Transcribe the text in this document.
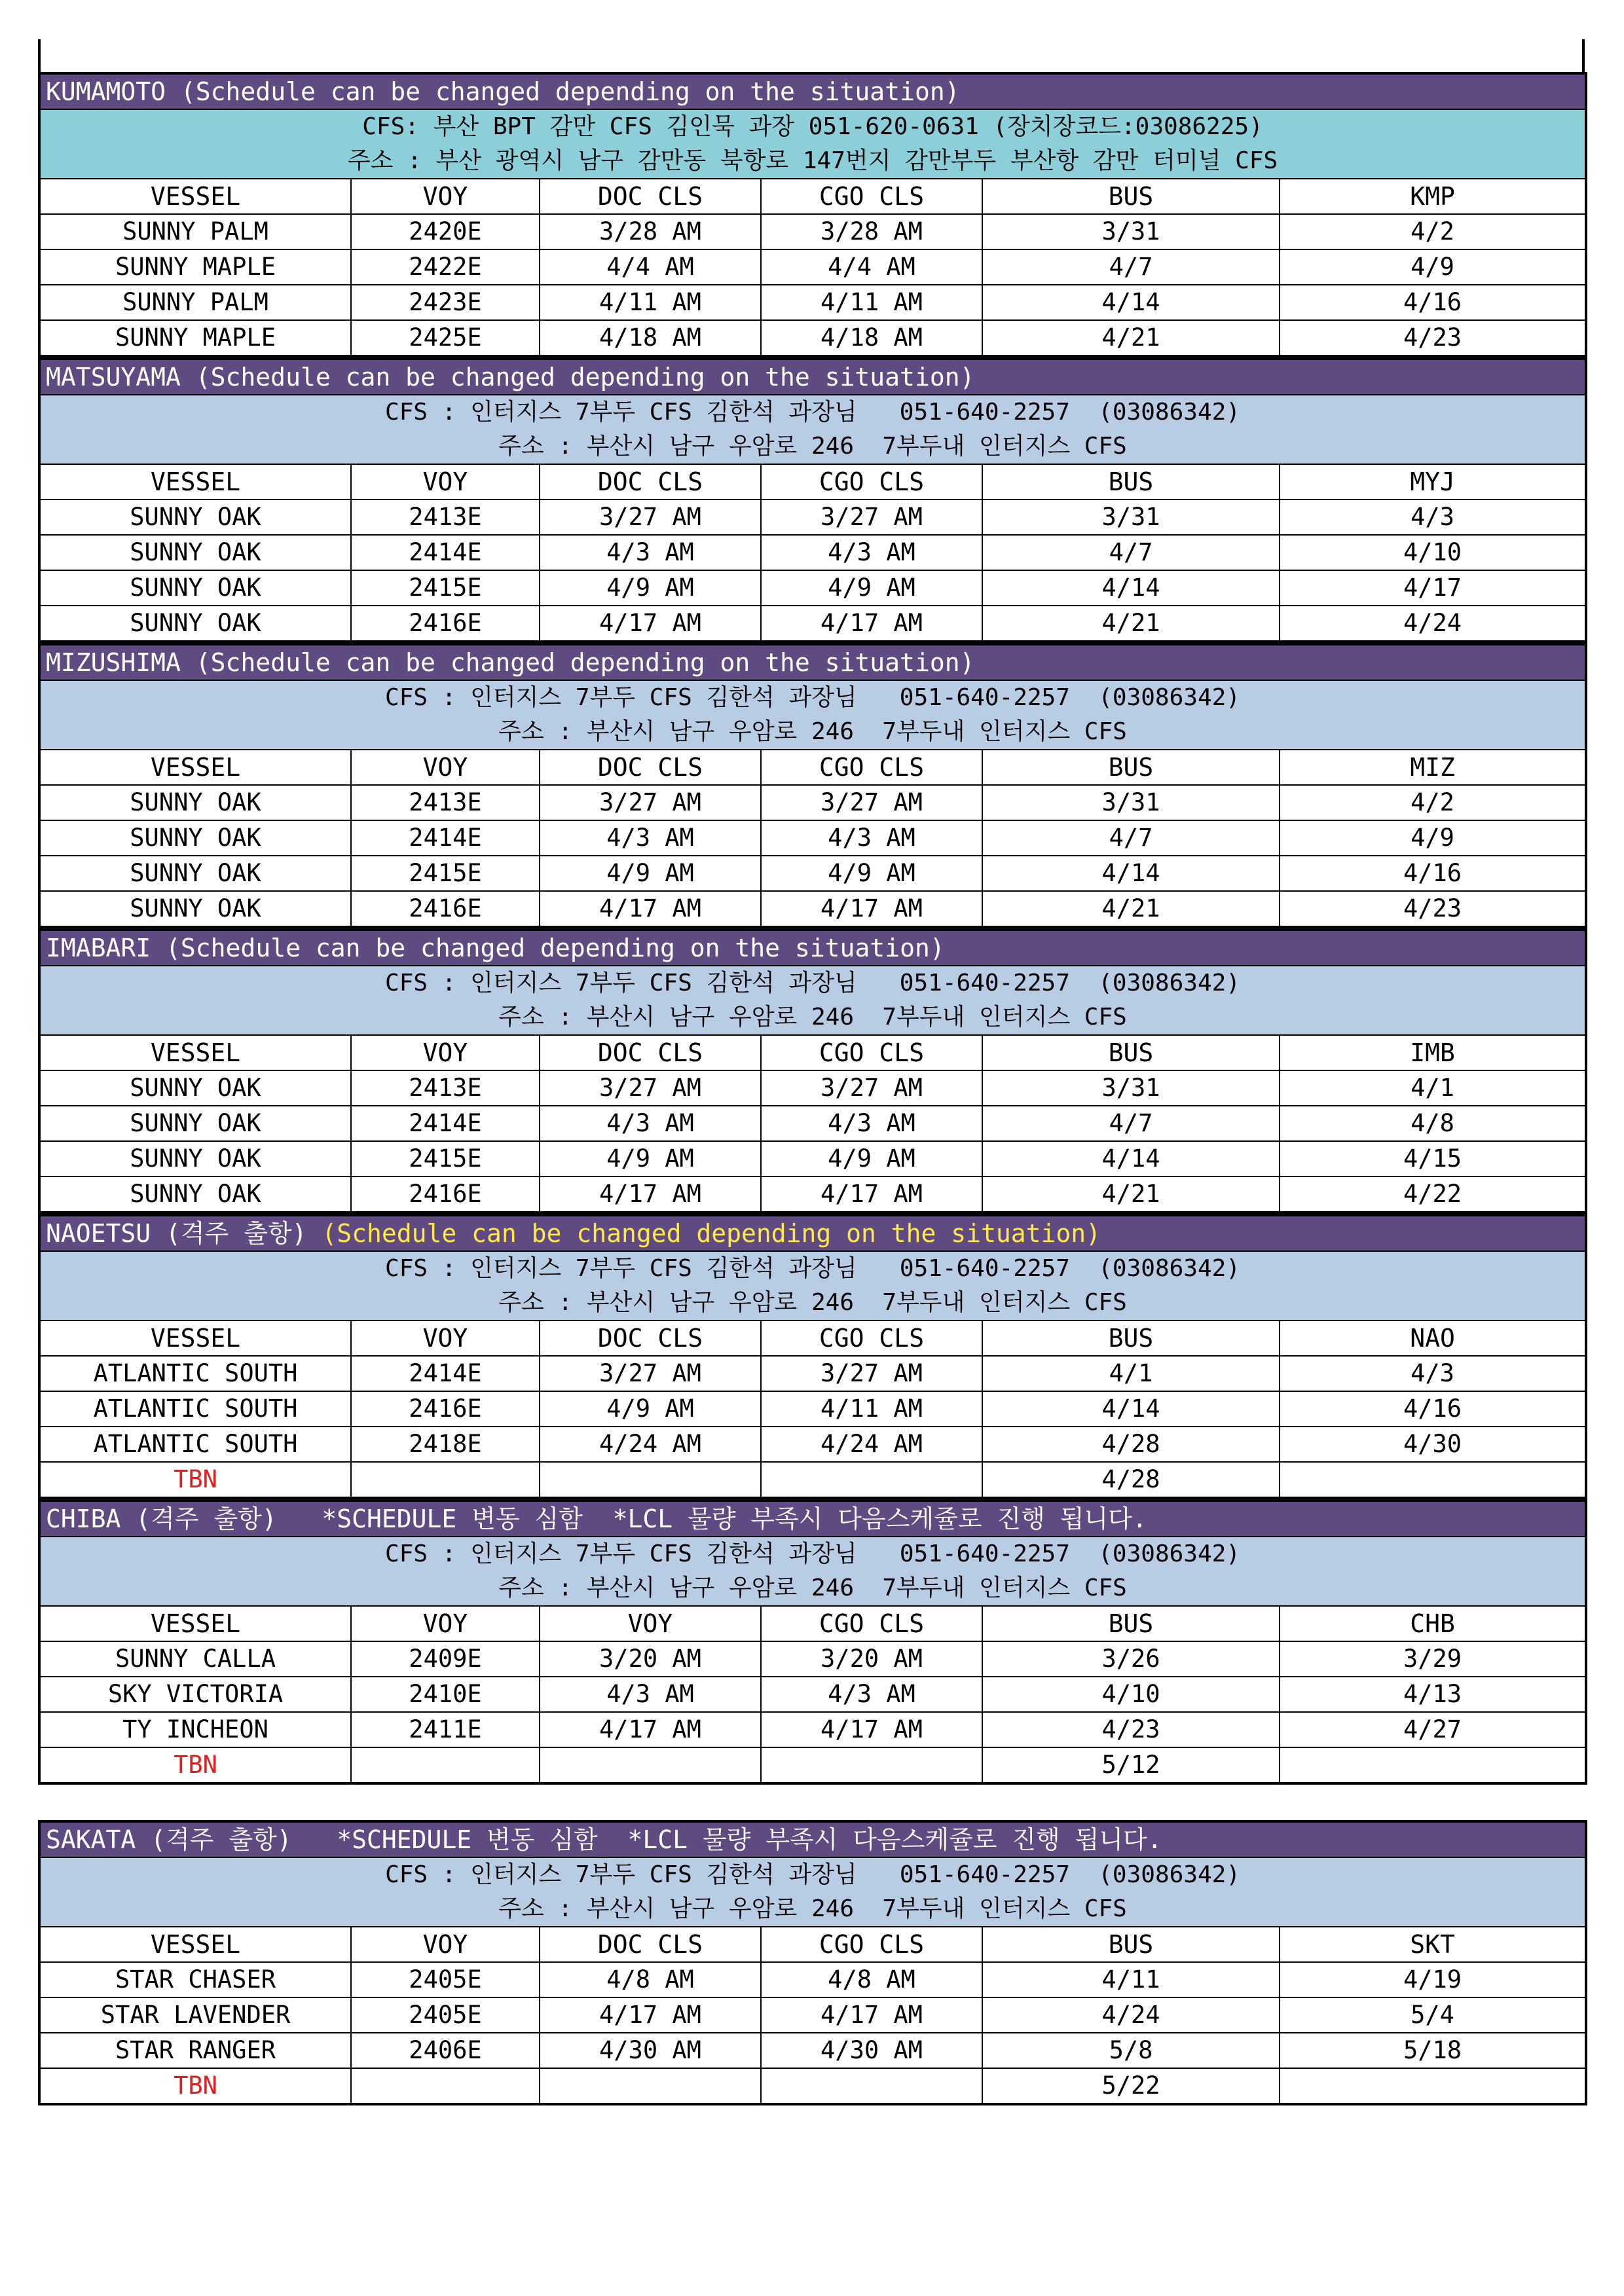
KUMAMOTO (Schedule can be changed depending on the situation)					
CFS: 부산 BPT 감만 CFS 김인묵 과장 051-620-0631 (장치장코드:03086225)					
주소 : 부산 광역시 남구 감만동 북항로 147번지 감만부두 부산항 감만 터미널 CFS					
VESSEL	VOY	DOC CLS	CGO CLS	BUS	KMP
SUNNY PALM	2420E	3/28 AM	3/28 AM	3/31	4/2
SUNNY MAPLE	2422E	4/4 AM	4/4 AM	4/7	4/9
SUNNY PALM	2423E	4/11 AM	4/11 AM	4/14	4/16
SUNNY MAPLE	2425E	4/18 AM	4/18 AM	4/21	4/23
MATSUYAMA (Schedule can be changed depending on the situation)					
CFS : 인터지스 7부두 CFS 김한석 과장님   051-640-2257  (03086342)					
주소 : 부산시 남구 우암로 246  7부두내 인터지스 CFS					
VESSEL	VOY	DOC CLS	CGO CLS	BUS	MYJ
SUNNY OAK	2413E	3/27 AM	3/27 AM	3/31	4/3
SUNNY OAK	2414E	4/3 AM	4/3 AM	4/7	4/10
SUNNY OAK	2415E	4/9 AM	4/9 AM	4/14	4/17
SUNNY OAK	2416E	4/17 AM	4/17 AM	4/21	4/24
MIZUSHIMA (Schedule can be changed depending on the situation)					
CFS : 인터지스 7부두 CFS 김한석 과장님   051-640-2257  (03086342)					
주소 : 부산시 남구 우암로 246  7부두내 인터지스 CFS					
VESSEL	VOY	DOC CLS	CGO CLS	BUS	MIZ
SUNNY OAK	2413E	3/27 AM	3/27 AM	3/31	4/2
SUNNY OAK	2414E	4/3 AM	4/3 AM	4/7	4/9
SUNNY OAK	2415E	4/9 AM	4/9 AM	4/14	4/16
SUNNY OAK	2416E	4/17 AM	4/17 AM	4/21	4/23
IMABARI (Schedule can be changed depending on the situation)					
CFS : 인터지스 7부두 CFS 김한석 과장님   051-640-2257  (03086342)					
주소 : 부산시 남구 우암로 246  7부두내 인터지스 CFS					
VESSEL	VOY	DOC CLS	CGO CLS	BUS	IMB
SUNNY OAK	2413E	3/27 AM	3/27 AM	3/31	4/1
SUNNY OAK	2414E	4/3 AM	4/3 AM	4/7	4/8
SUNNY OAK	2415E	4/9 AM	4/9 AM	4/14	4/15
SUNNY OAK	2416E	4/17 AM	4/17 AM	4/21	4/22
NAOETSU (격주 출항) (Schedule can be changed depending on the situation)					
CFS : 인터지스 7부두 CFS 김한석 과장님   051-640-2257  (03086342)					
주소 : 부산시 남구 우암로 246  7부두내 인터지스 CFS					
VESSEL	VOY	DOC CLS	CGO CLS	BUS	NAO
ATLANTIC SOUTH	2414E	3/27 AM	3/27 AM	4/1	4/3
ATLANTIC SOUTH	2416E	4/9 AM	4/11 AM	4/14	4/16
ATLANTIC SOUTH	2418E	4/24 AM	4/24 AM	4/28	4/30
TBN				4/28	
CHIBA (격주 출항)   *SCHEDULE 변동 심함  *LCL 물량 부족시 다음스케쥴로 진행 됩니다.					
CFS : 인터지스 7부두 CFS 김한석 과장님   051-640-2257  (03086342)					
주소 : 부산시 남구 우암로 246  7부두내 인터지스 CFS					
VESSEL	VOY	VOY	CGO CLS	BUS	CHB
SUNNY CALLA	2409E	3/20 AM	3/20 AM	3/26	3/29
SKY VICTORIA	2410E	4/3 AM	4/3 AM	4/10	4/13
TY INCHEON	2411E	4/17 AM	4/17 AM	4/23	4/27
TBN				5/12	
SAKATA (격주 출항)   *SCHEDULE 변동 심함  *LCL 물량 부족시 다음스케쥴로 진행 됩니다.					
CFS : 인터지스 7부두 CFS 김한석 과장님   051-640-2257  (03086342)					
주소 : 부산시 남구 우암로 246  7부두내 인터지스 CFS					
VESSEL	VOY	DOC CLS	CGO CLS	BUS	SKT
STAR CHASER	2405E	4/8 AM	4/8 AM	4/11	4/19
STAR LAVENDER	2405E	4/17 AM	4/17 AM	4/24	5/4
STAR RANGER	2406E	4/30 AM	4/30 AM	5/8	5/18
TBN				5/22	
